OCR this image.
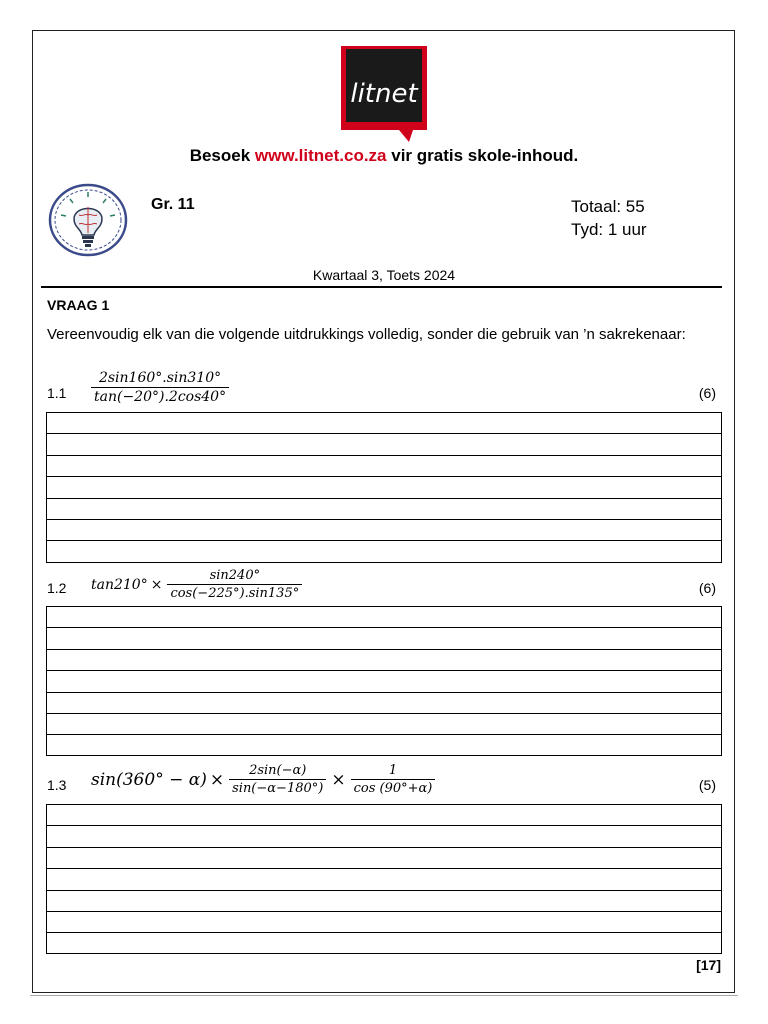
litnet
Besoek www.litnet.co.za vir gratis skole-inhoud.
Gr. 11	Totaal: 55
Tyd: 1 uur
Kwartaal 3, Toets 2024
VRAAG 1
Vereenvoudig elk van die volgende uitdrukkings volledig, sonder die gebruik van ’n sakrekenaar:
$1.1 \frac{2\sin 160^\circ.\sin 310^\circ}{\tan(-20^\circ).2\cos 40^\circ}$	(6)
1.2 $\tan 210^\circ \times \frac{\sin 240^\circ}{\cos(-225^\circ).\sin 135^\circ}$	(6)
1.3 $\sin(360^\circ - \alpha) \times \frac{2\sin(-\alpha)}{\sin(-\alpha-180^\circ)} \times \frac{1}{\cos (90^\circ+\alpha)}$	(5)
[17]
